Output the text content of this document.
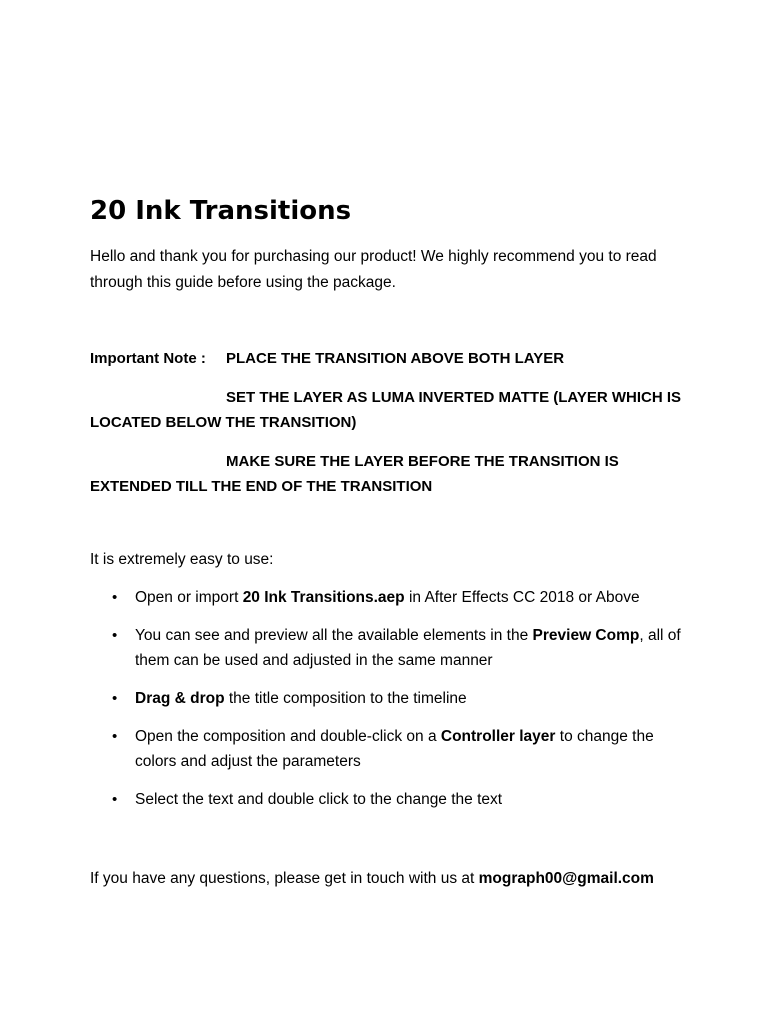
20 Ink Transitions

Hello and thank you for purchasing our product! We highly recommend you to read through this guide before using the package.

Important Note : PLACE THE TRANSITION ABOVE BOTH LAYER

SET THE LAYER AS LUMA INVERTED MATTE (LAYER WHICH IS
LOCATED BELOW THE TRANSITION)

MAKE SURE THE LAYER BEFORE THE TRANSITION IS
EXTENDED TILL THE END OF THE TRANSITION

It is extremely easy to use:

• Open or import 20 Ink Transitions.aep in After Effects CC 2018 or Above
• You can see and preview all the available elements in the Preview Comp, all of them can be used and adjusted in the same manner
• Drag & drop the title composition to the timeline
• Open the composition and double-click on a Controller layer to change the colors and adjust the parameters
• Select the text and double click to the change the text

If you have any questions, please get in touch with us at mograph00@gmail.com
